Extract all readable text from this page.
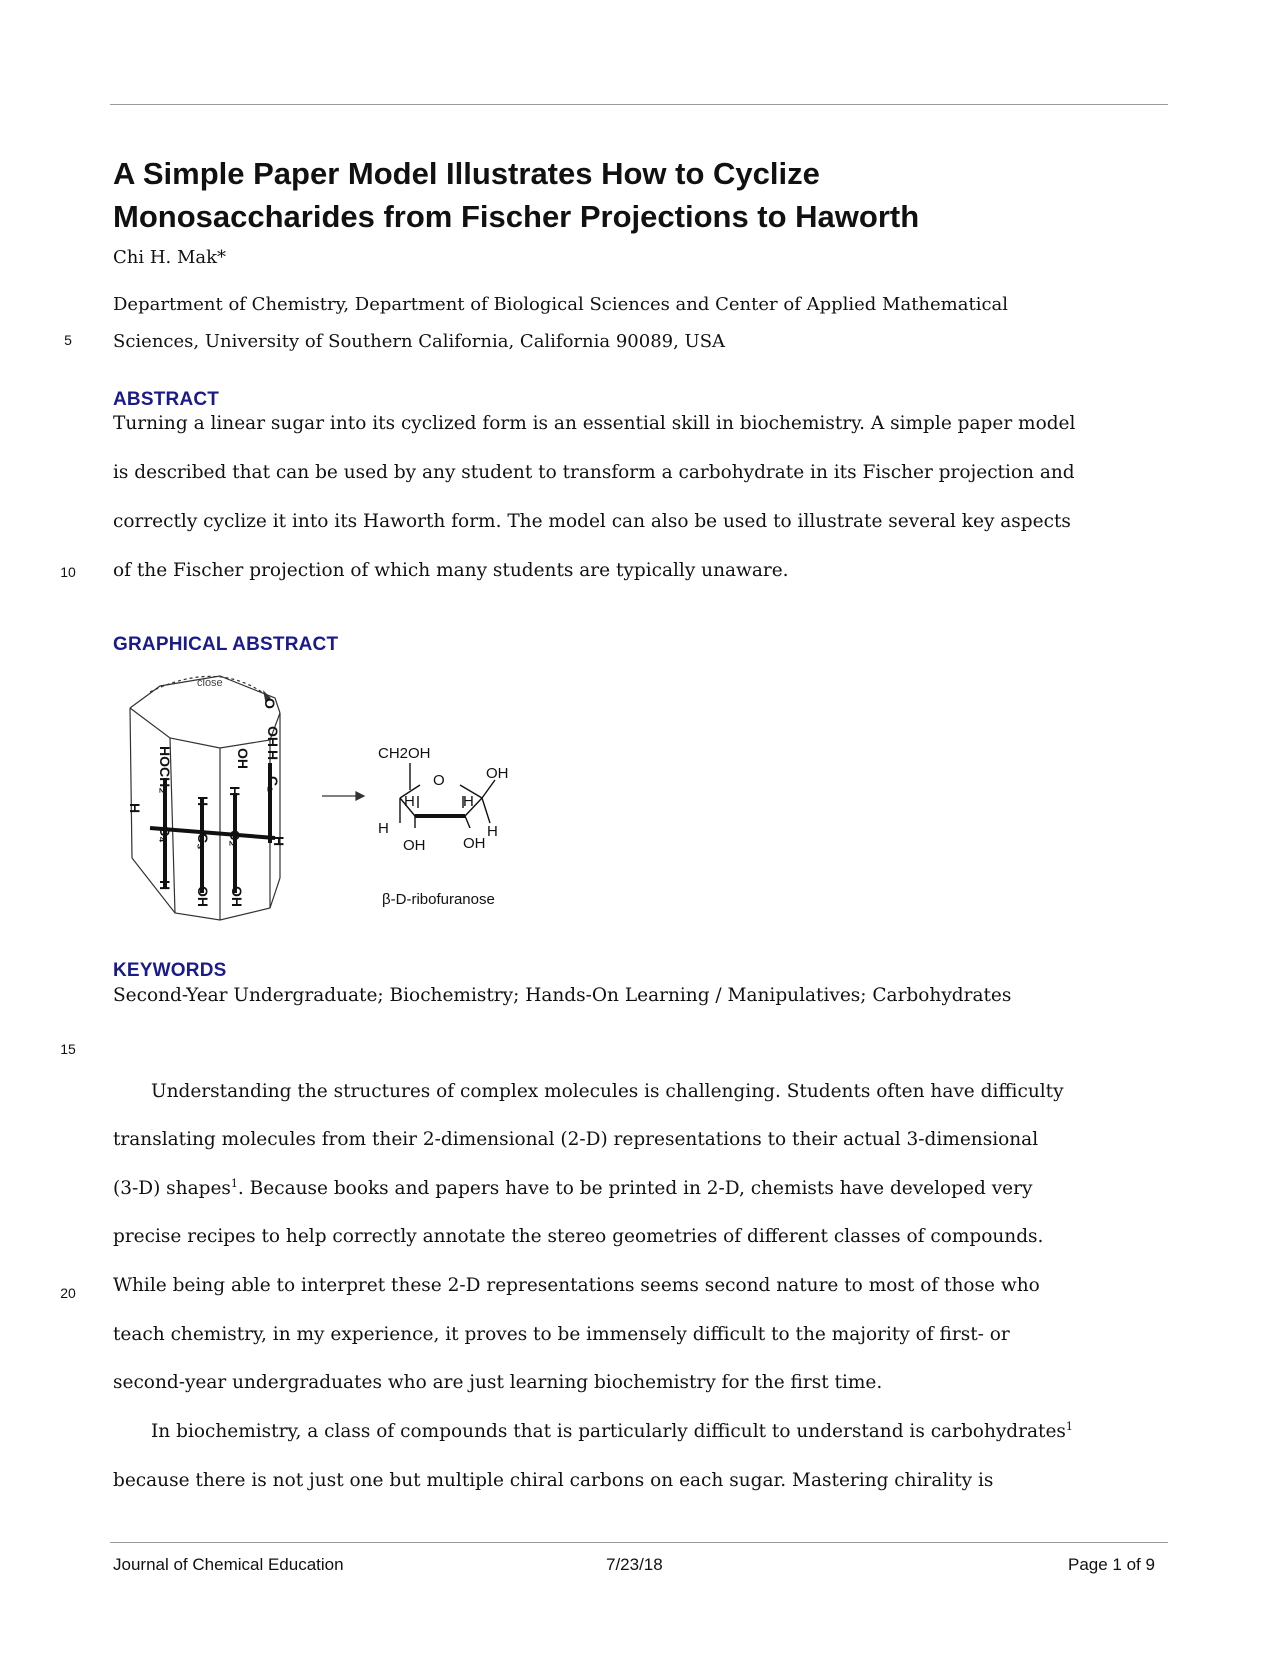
A Simple Paper Model Illustrates How to Cyclize
Monosaccharides from Fischer Projections to Haworth
Chi H. Mak*
Department of Chemistry, Department of Biological Sciences and Center of Applied Mathematical
Sciences, University of Southern California, California 90089, USA
5
10
15
20
ABSTRACT
Turning a linear sugar into its cyclized form is an essential skill in biochemistry. A simple paper model
is described that can be used by any student to transform a carbohydrate in its Fischer projection and
correctly cyclize it into its Haworth form. The model can also be used to illustrate several key aspects
of the Fischer projection of which many students are typically unaware.
GRAPHICAL ABSTRACT
close
HOCH₂
H
H
H
OH OH
OH
H
H
C₄ C₃ C₂
O
C₁
H
OH	CH2OH
O	OH
H	H
H	H
OH	OH
β-D-ribofuranose
KEYWORDS
Second-Year Undergraduate; Biochemistry; Hands-On Learning / Manipulatives; Carbohydrates
Understanding the structures of complex molecules is challenging. Students often have difficulty
translating molecules from their 2-dimensional (2-D) representations to their actual 3-dimensional
(3-D) shapes$^1$. Because books and papers have to be printed in 2-D, chemists have developed very
precise recipes to help correctly annotate the stereo geometries of different classes of compounds.
While being able to interpret these 2-D representations seems second nature to most of those who
teach chemistry, in my experience, it proves to be immensely difficult to the majority of first- or
second-year undergraduates who are just learning biochemistry for the first time.
In biochemistry, a class of compounds that is particularly difficult to understand is carbohydrates$^1$
because there is not just one but multiple chiral carbons on each sugar. Mastering chirality is
Journal of Chemical Education	7/23/18	Page 1 of 9
